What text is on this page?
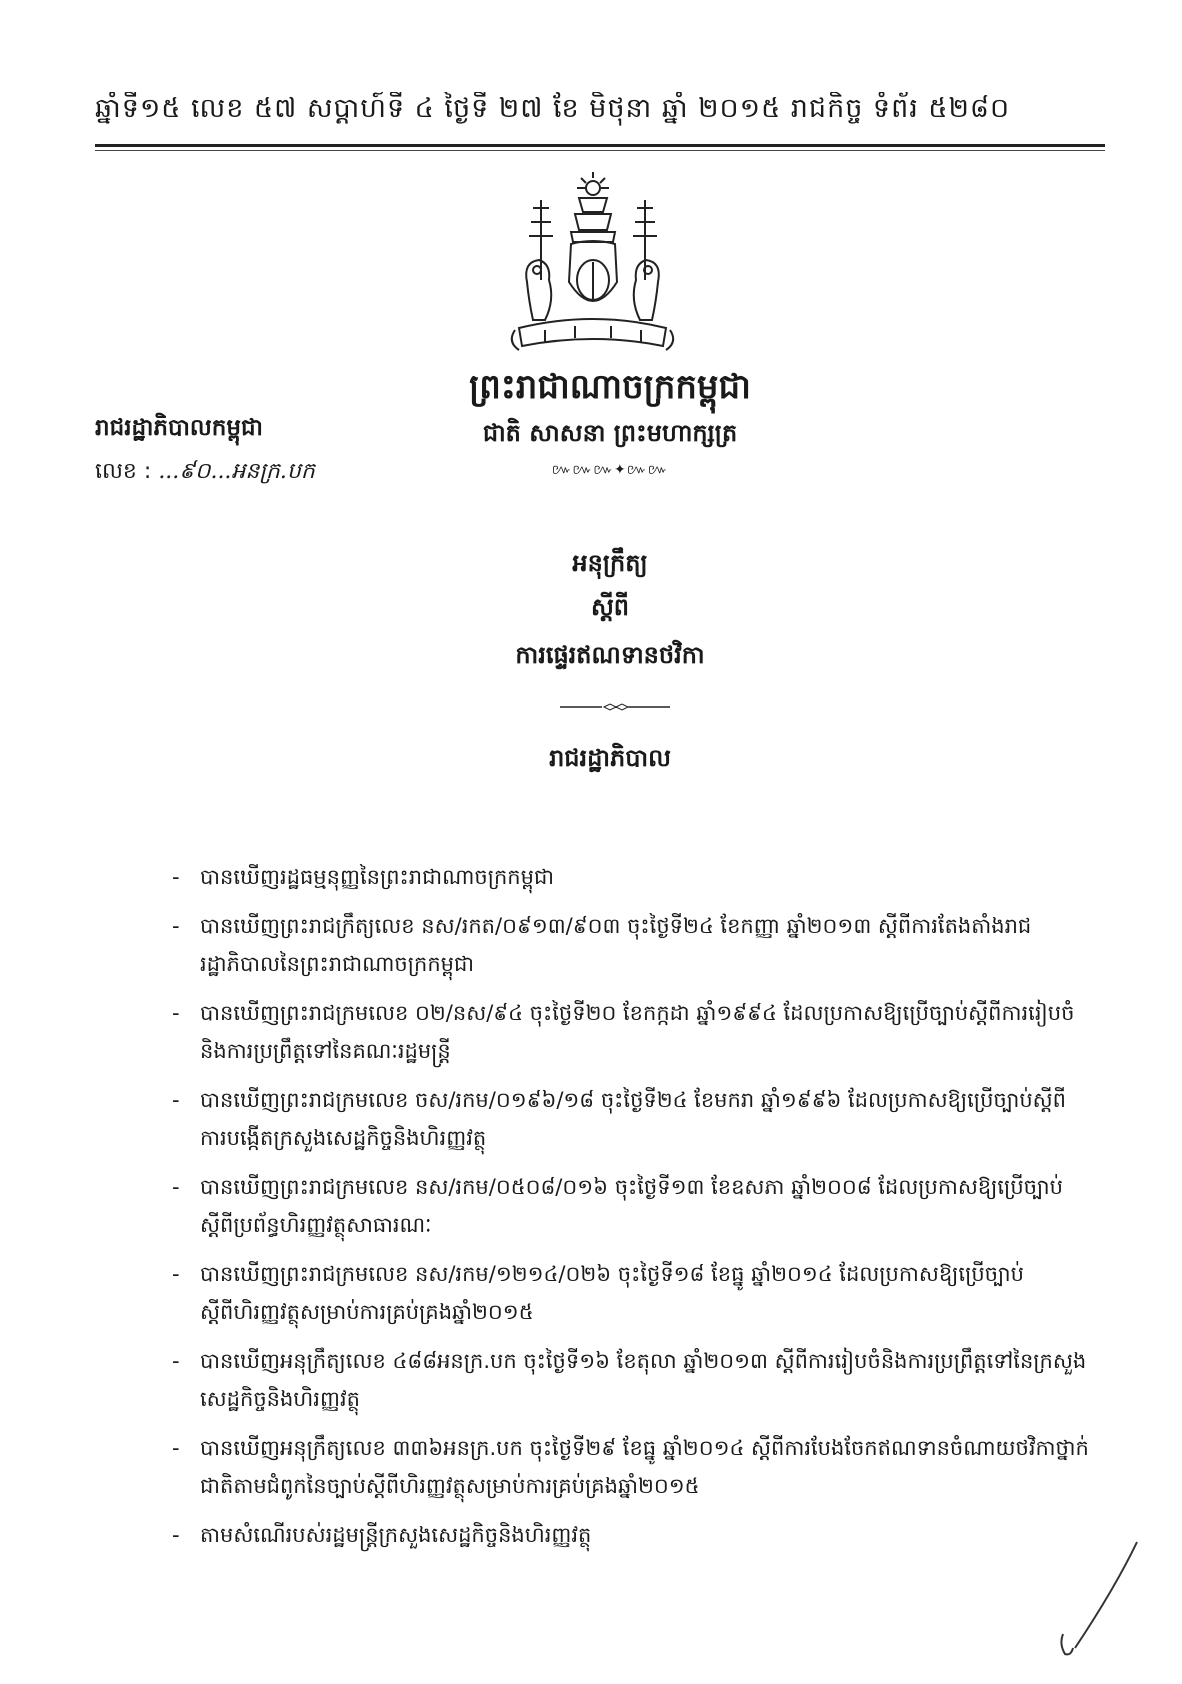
ឆ្នាំទី១៥ លេខ ៥៧ សប្តាហ៍ទី ៤ ថ្ងៃទី ២៧ ខែ មិថុនា ឆ្នាំ ២០១៥ រាជកិច្ច ទំព័រ ៥២៨០
ព្រះរាជាណាចក្រកម្ពុជា
ជាតិ សាសនា ព្រះមហាក្សត្រ
៚៚៚✦៚៚
រាជរដ្ឋាភិបាលកម្ពុជា
លេខ : ...៩០...អនក្រ.បក
អនុក្រឹត្យ
ស្តីពី
ការផ្ទេរឥណទានថវិកា
រាជរដ្ឋាភិបាល
- បានឃើញរដ្ឋធម្មនុញ្ញនៃព្រះរាជាណាចក្រកម្ពុជា
- បានឃើញព្រះរាជក្រឹត្យលេខ នស/រកត/០៩១៣/៩០៣ ចុះថ្ងៃទី២៤ ខែកញ្ញា ឆ្នាំ២០១៣ ស្តីពីការតែងតាំងរាជរដ្ឋាភិបាលនៃព្រះរាជាណាចក្រកម្ពុជា
- បានឃើញព្រះរាជក្រមលេខ ០២/នស/៩៤ ចុះថ្ងៃទី២០ ខែកក្កដា ឆ្នាំ១៩៩៤ ដែលប្រកាសឱ្យប្រើច្បាប់ស្តីពីការរៀបចំនិងការប្រព្រឹត្តទៅនៃគណៈរដ្ឋមន្ត្រី
- បានឃើញព្រះរាជក្រមលេខ ចស/រកម/០១៩៦/១៨ ចុះថ្ងៃទី២៤ ខែមករា ឆ្នាំ១៩៩៦ ដែលប្រកាសឱ្យប្រើច្បាប់ស្តីពីការបង្កើតក្រសួងសេដ្ឋកិច្ចនិងហិរញ្ញវត្ថុ
- បានឃើញព្រះរាជក្រមលេខ នស/រកម/០៥០៨/០១៦ ចុះថ្ងៃទី១៣ ខែឧសភា ឆ្នាំ២០០៨ ដែលប្រកាសឱ្យប្រើច្បាប់ស្តីពីប្រព័ន្ធហិរញ្ញវត្ថុសាធារណៈ
- បានឃើញព្រះរាជក្រមលេខ នស/រកម/១២១៤/០២៦ ចុះថ្ងៃទី១៨ ខែធ្នូ ឆ្នាំ២០១៤ ដែលប្រកាសឱ្យប្រើច្បាប់ស្តីពីហិរញ្ញវត្ថុសម្រាប់ការគ្រប់គ្រងឆ្នាំ២០១៥
- បានឃើញអនុក្រឹត្យលេខ ៤៨៨អនក្រ.បក ចុះថ្ងៃទី១៦ ខែតុលា ឆ្នាំ២០១៣ ស្តីពីការរៀបចំនិងការប្រព្រឹត្តទៅនៃក្រសួងសេដ្ឋកិច្ចនិងហិរញ្ញវត្ថុ
- បានឃើញអនុក្រឹត្យលេខ ៣៣៦អនក្រ.បក ចុះថ្ងៃទី២៩ ខែធ្នូ ឆ្នាំ២០១៤ ស្តីពីការបែងចែកឥណទានចំណាយថវិកាថ្នាក់ជាតិតាមជំពូកនៃច្បាប់ស្តីពីហិរញ្ញវត្ថុសម្រាប់ការគ្រប់គ្រងឆ្នាំ២០១៥
- តាមសំណើរបស់រដ្ឋមន្ត្រីក្រសួងសេដ្ឋកិច្ចនិងហិរញ្ញវត្ថុ
